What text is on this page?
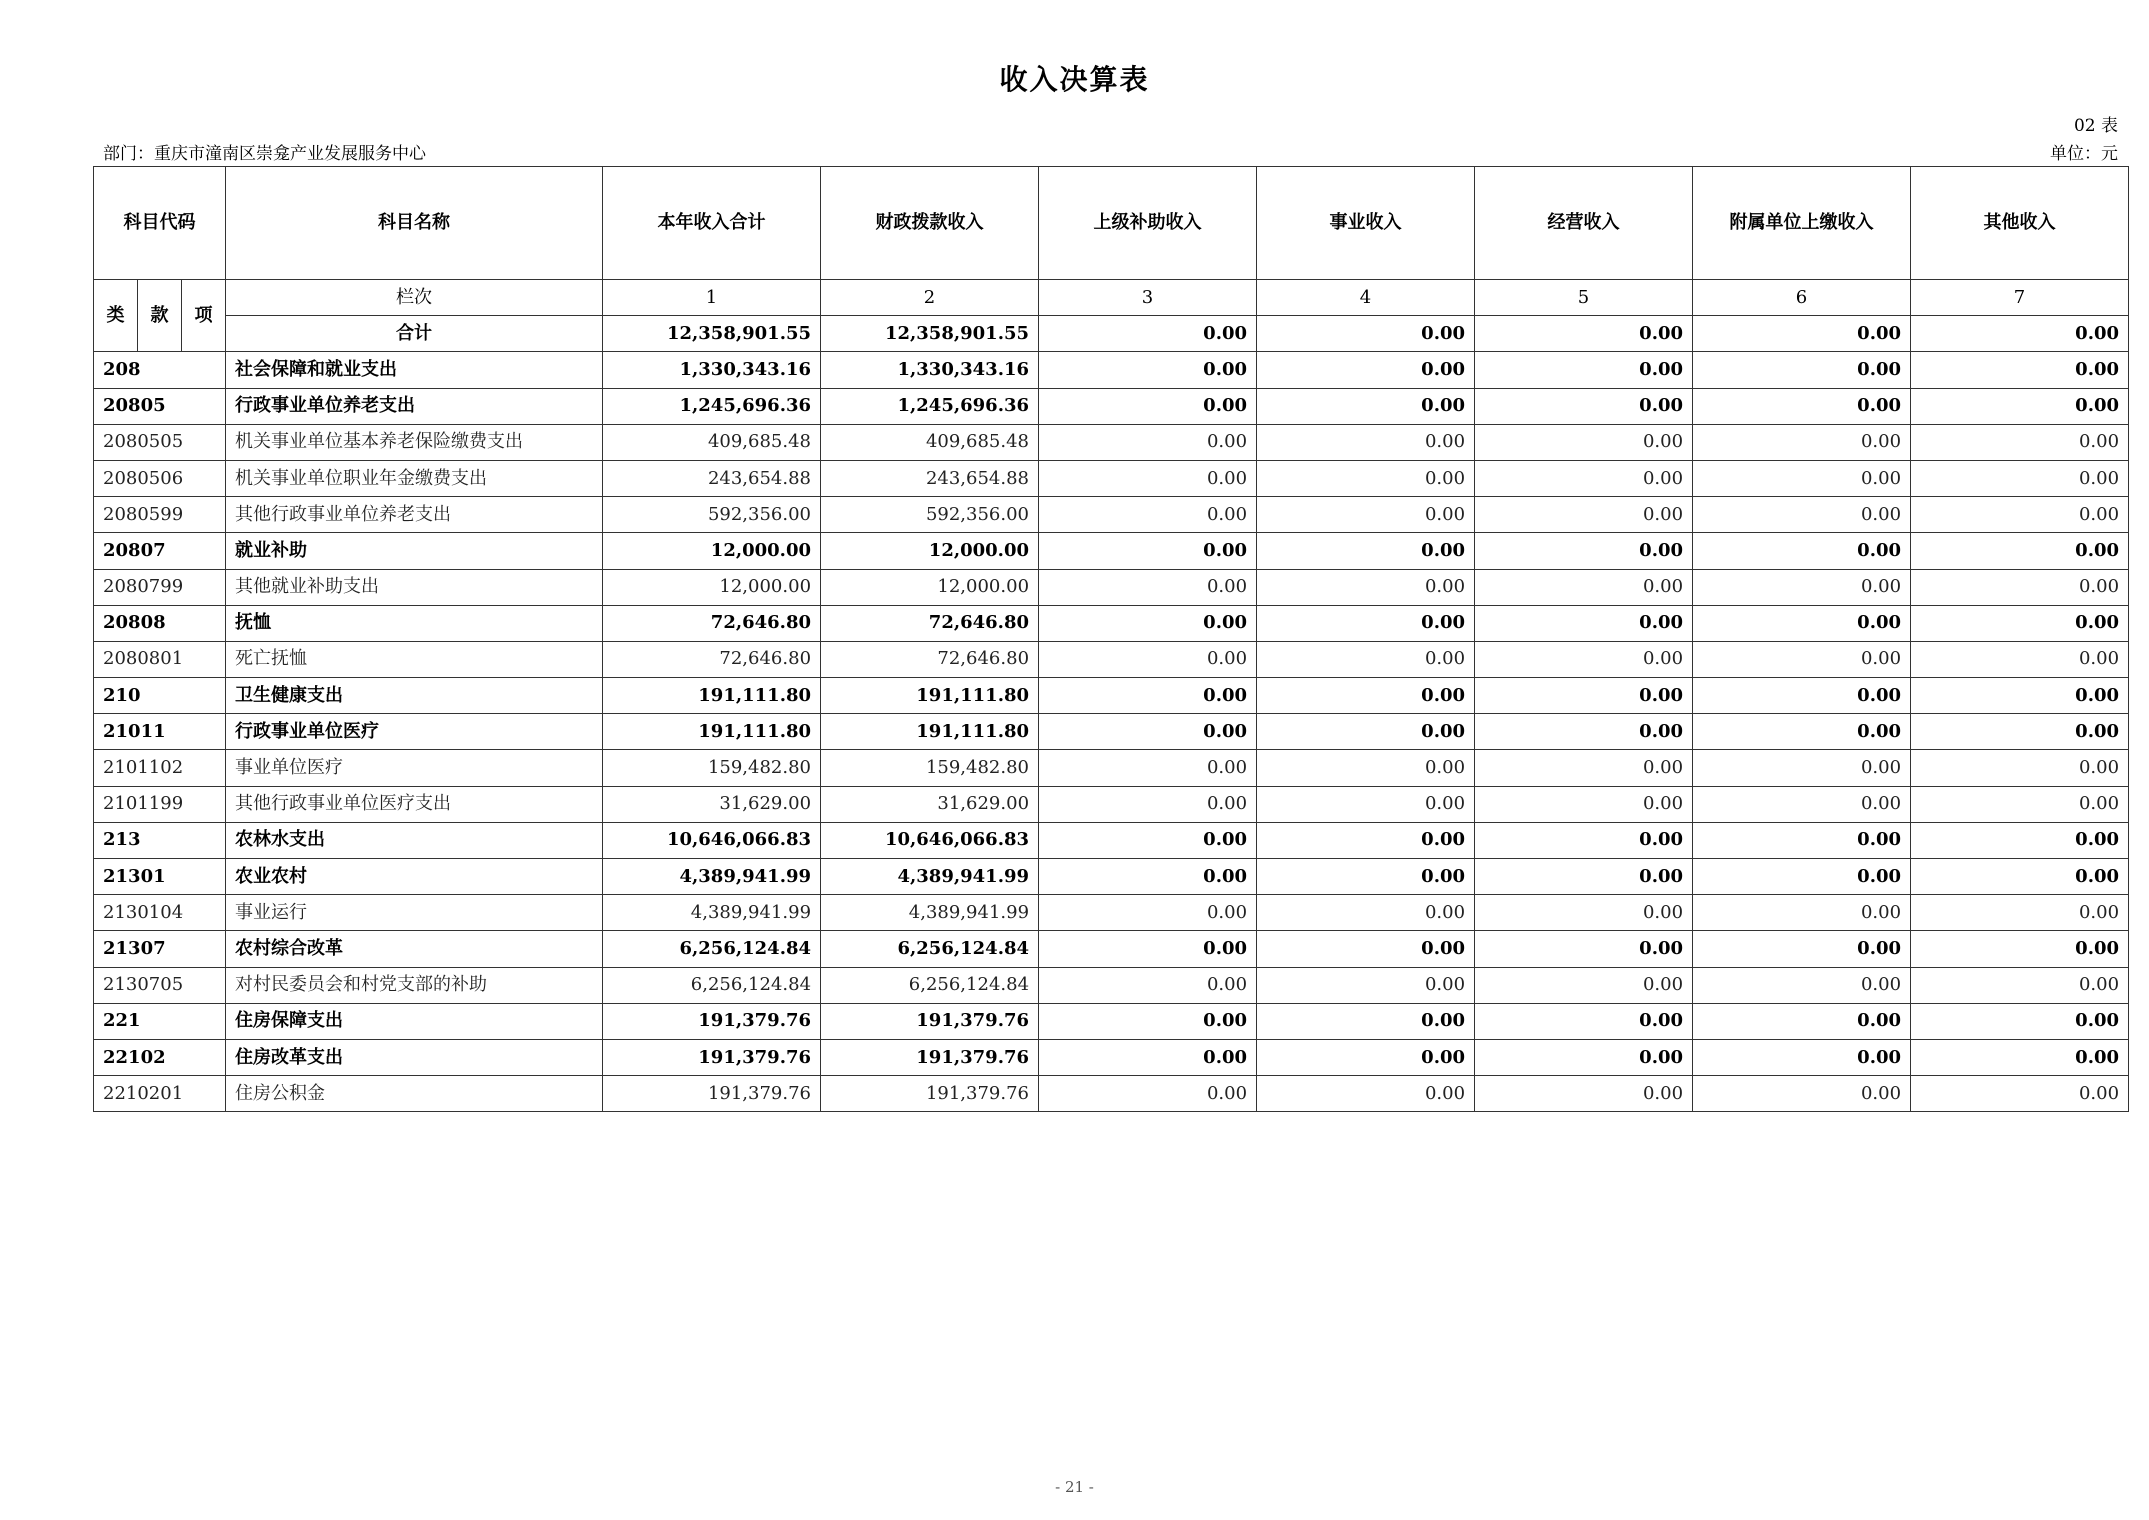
收入决算表
02 表
部门：重庆市潼南区崇龛产业发展服务中心	单位：元
科目代码			科目名称	本年收入合计	财政拨款收入	上级补助收入	事业收入	经营收入	附属单位上缴收入	其他收入
类	款	项	栏次	1	2	3	4	5	6	7
			合计	12,358,901.55	12,358,901.55	0.00	0.00	0.00	0.00	0.00
208			社会保障和就业支出	1,330,343.16	1,330,343.16	0.00	0.00	0.00	0.00	0.00
20805			行政事业单位养老支出	1,245,696.36	1,245,696.36	0.00	0.00	0.00	0.00	0.00
2080505			机关事业单位基本养老保险缴费支出	409,685.48	409,685.48	0.00	0.00	0.00	0.00	0.00
2080506			机关事业单位职业年金缴费支出	243,654.88	243,654.88	0.00	0.00	0.00	0.00	0.00
2080599			其他行政事业单位养老支出	592,356.00	592,356.00	0.00	0.00	0.00	0.00	0.00
20807			就业补助	12,000.00	12,000.00	0.00	0.00	0.00	0.00	0.00
2080799			其他就业补助支出	12,000.00	12,000.00	0.00	0.00	0.00	0.00	0.00
20808			抚恤	72,646.80	72,646.80	0.00	0.00	0.00	0.00	0.00
2080801			死亡抚恤	72,646.80	72,646.80	0.00	0.00	0.00	0.00	0.00
210			卫生健康支出	191,111.80	191,111.80	0.00	0.00	0.00	0.00	0.00
21011			行政事业单位医疗	191,111.80	191,111.80	0.00	0.00	0.00	0.00	0.00
2101102			事业单位医疗	159,482.80	159,482.80	0.00	0.00	0.00	0.00	0.00
2101199			其他行政事业单位医疗支出	31,629.00	31,629.00	0.00	0.00	0.00	0.00	0.00
213			农林水支出	10,646,066.83	10,646,066.83	0.00	0.00	0.00	0.00	0.00
21301			农业农村	4,389,941.99	4,389,941.99	0.00	0.00	0.00	0.00	0.00
2130104			事业运行	4,389,941.99	4,389,941.99	0.00	0.00	0.00	0.00	0.00
21307			农村综合改革	6,256,124.84	6,256,124.84	0.00	0.00	0.00	0.00	0.00
2130705			对村民委员会和村党支部的补助	6,256,124.84	6,256,124.84	0.00	0.00	0.00	0.00	0.00
221			住房保障支出	191,379.76	191,379.76	0.00	0.00	0.00	0.00	0.00
22102			住房改革支出	191,379.76	191,379.76	0.00	0.00	0.00	0.00	0.00
2210201			住房公积金	191,379.76	191,379.76	0.00	0.00	0.00	0.00	0.00
- 21 -
